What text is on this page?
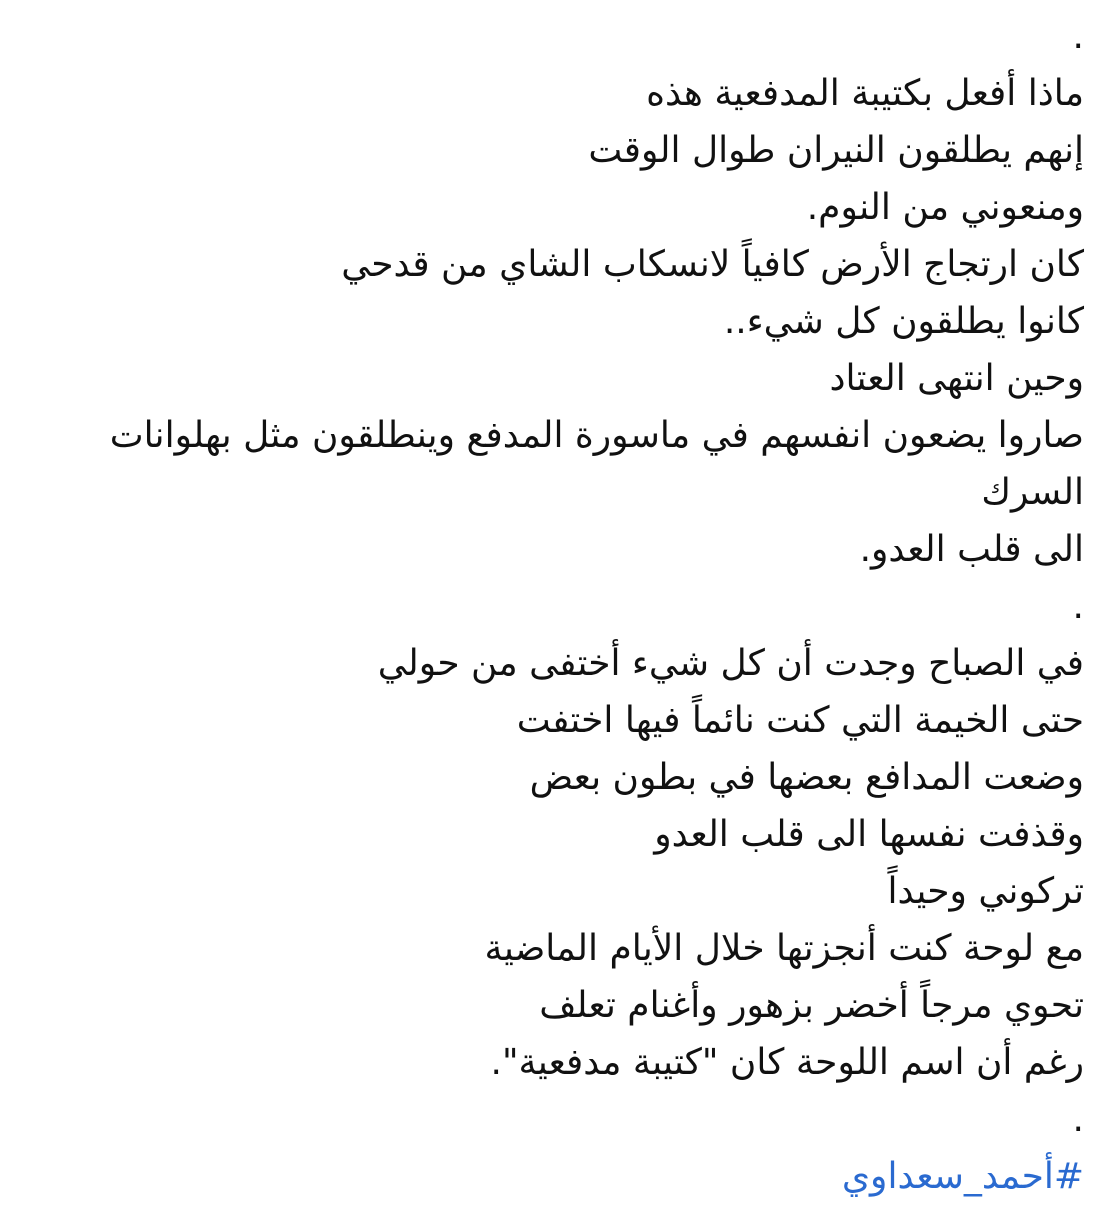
.
ماذا أفعل بكتيبة المدفعية هذه
إنهم يطلقون النيران طوال الوقت
ومنعوني من النوم.
كان ارتجاج الأرض كافياً لانسكاب الشاي من قدحي
كانوا يطلقون كل شيء..
وحين انتهى العتاد
صاروا يضعون انفسهم في ماسورة المدفع وينطلقون مثل بهلوانات
السرك
الى قلب العدو.
.
في الصباح وجدت أن كل شيء أختفى من حولي
حتى الخيمة التي كنت نائماً فيها اختفت
وضعت المدافع بعضها في بطون بعض
وقذفت نفسها الى قلب العدو
تركوني وحيداً
مع لوحة كنت أنجزتها خلال الأيام الماضية
تحوي مرجاً أخضر بزهور وأغنام تعلف
رغم أن اسم اللوحة كان "كتيبة مدفعية".
.
#أحمد_سعداوي
